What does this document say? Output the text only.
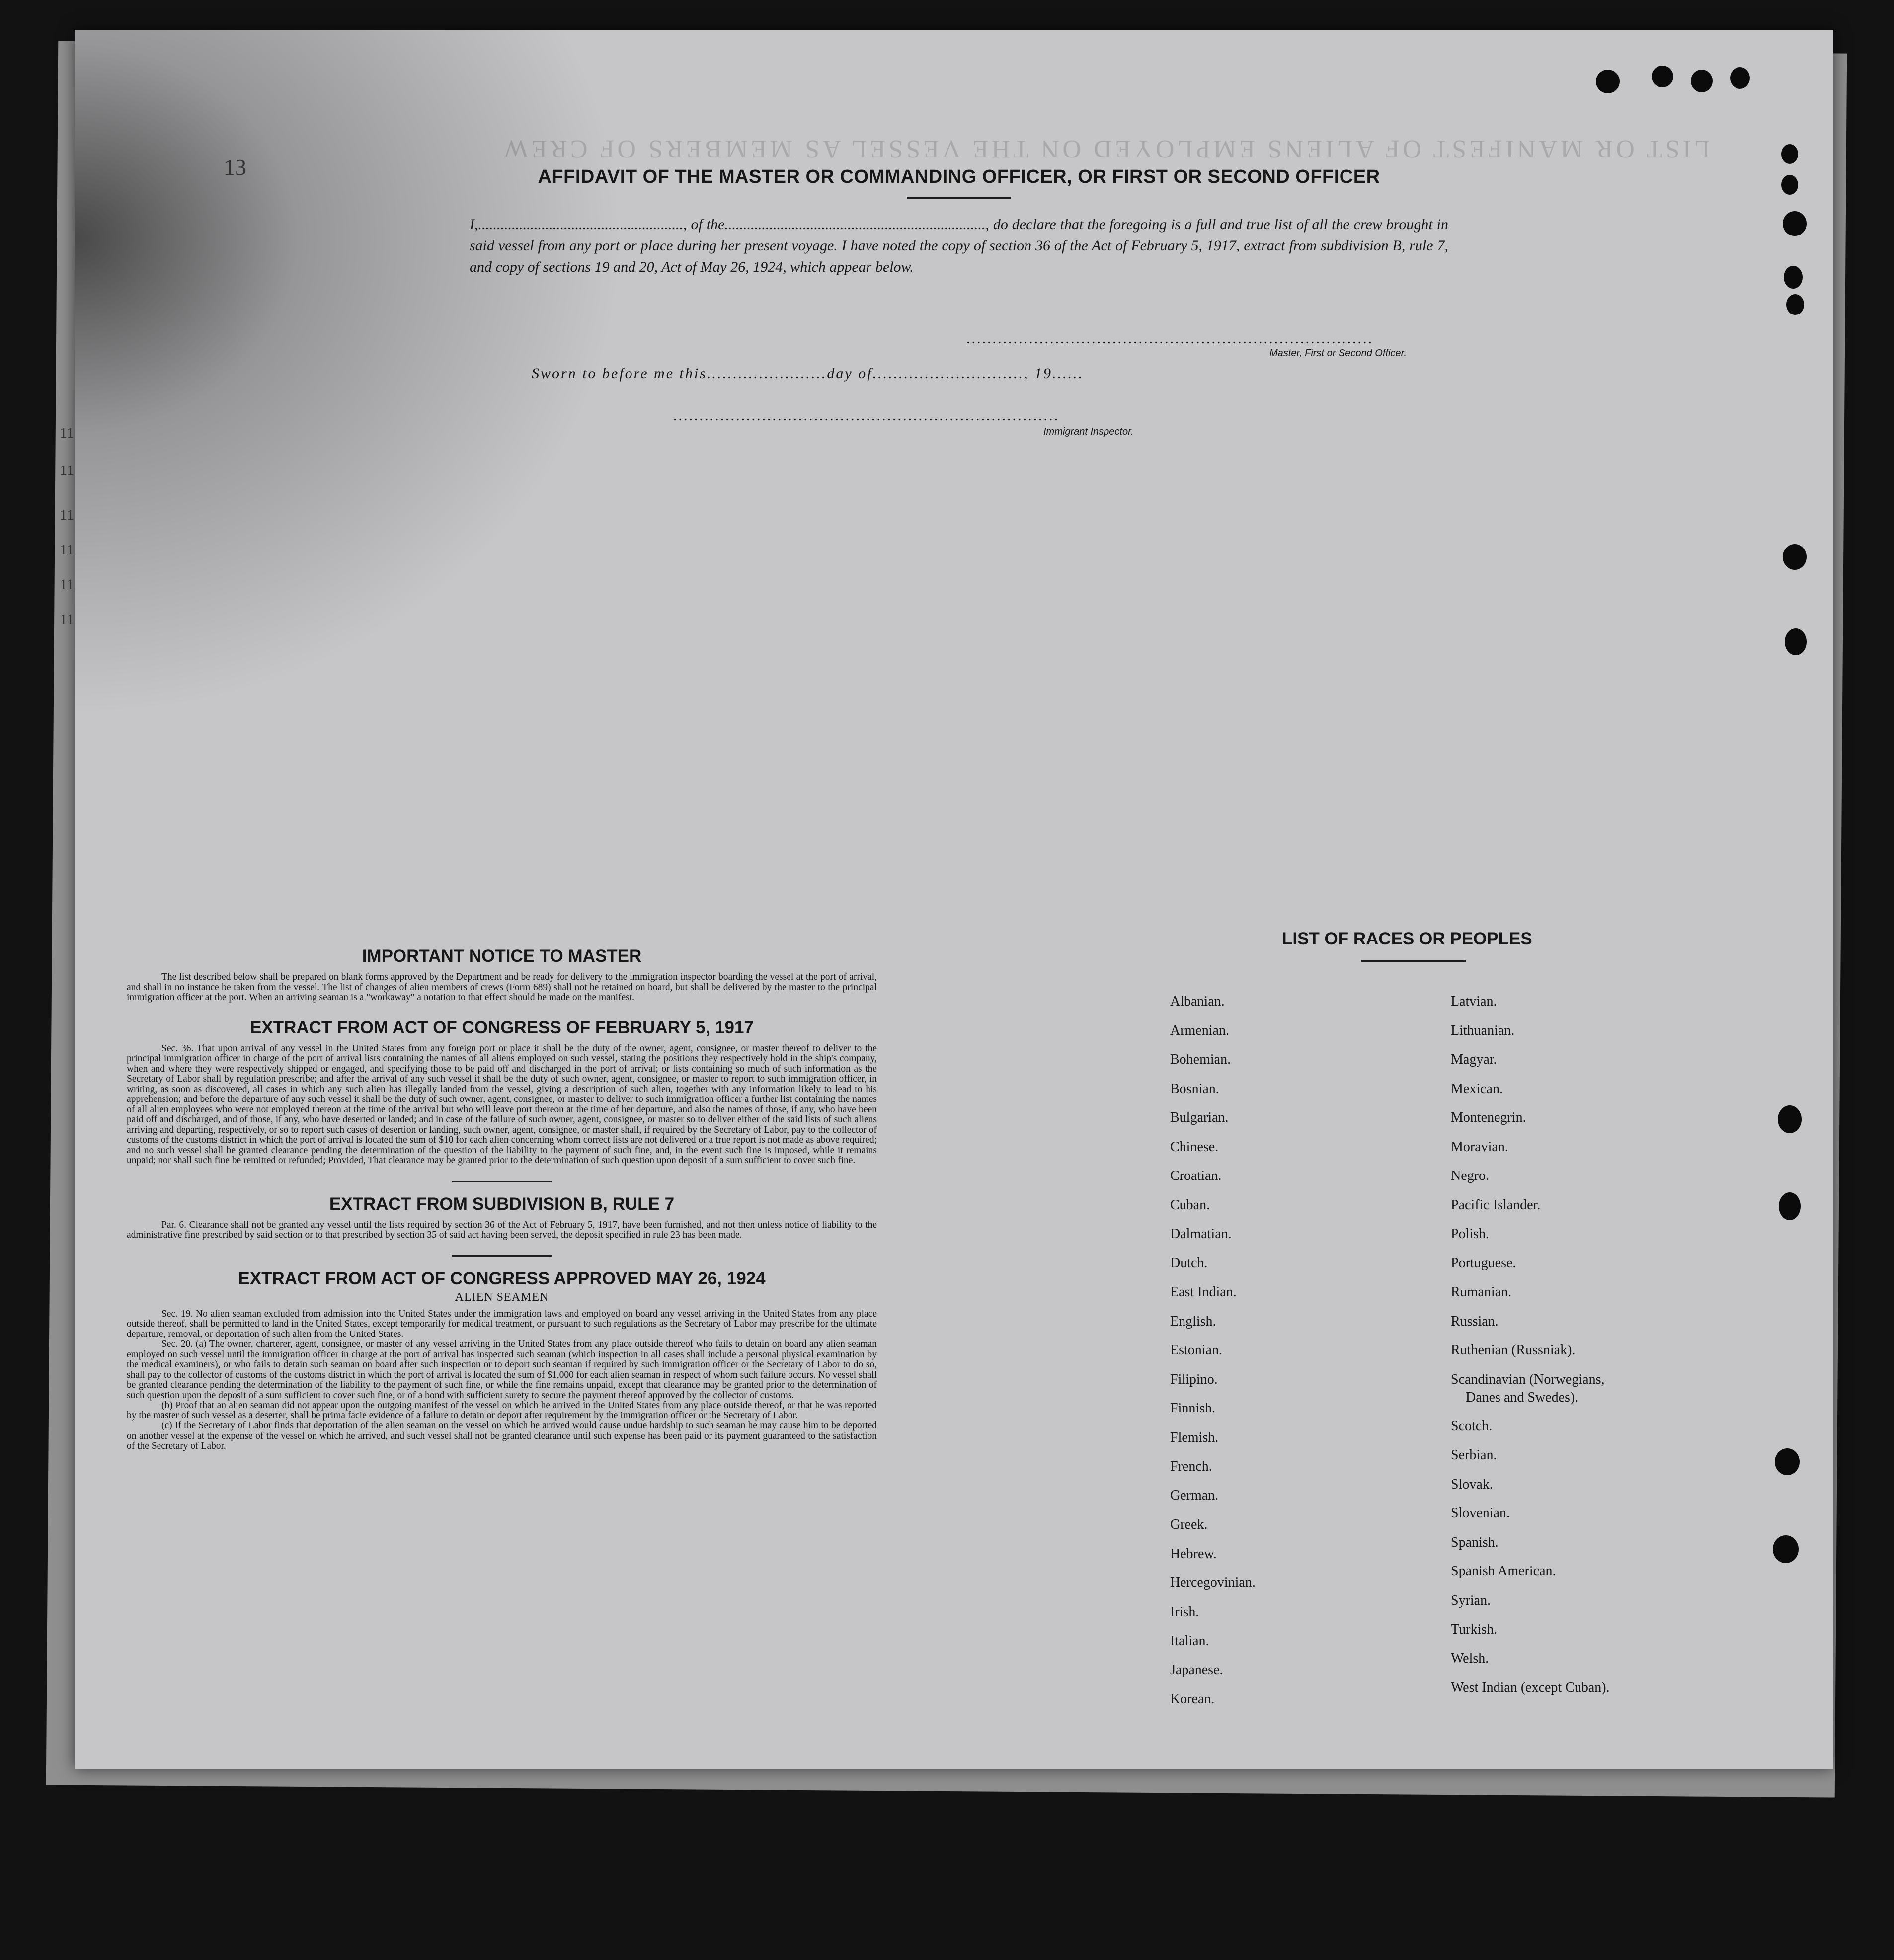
LIST OR MANIFEST OF ALIENS EMPLOYED ON THE VESSEL AS MEMBERS OF CREW
13
11
11
11
11
11
11
AFFIDAVIT OF THE MASTER OR COMMANDING OFFICER, OR FIRST OR SECOND OFFICER
I,......................................................., of the......................................................................, do declare that the foregoing is a full and true list of all the crew brought in said vessel from any port or place during her present voyage. I have noted the copy of section 36 of the Act of February 5, 1917, extract from subdivision B, rule 7, and copy of sections 19 and 20, Act of May 26, 1924, which appear below.
..............................................................................
Master, First or Second Officer.
Sworn to before me this.......................day of............................., 19......
..........................................................................
Immigrant Inspector.
IMPORTANT NOTICE TO MASTER

The list described below shall be prepared on blank forms approved by the Department and be ready for delivery to the immigration inspector boarding the vessel at the port of arrival, and shall in no instance be taken from the vessel. The list of changes of alien members of crews (Form 689) shall not be retained on board, but shall be delivered by the master to the principal immigration officer at the port. When an arriving seaman is a "workaway" a notation to that effect should be made on the manifest.

EXTRACT FROM ACT OF CONGRESS OF FEBRUARY 5, 1917

Sec. 36. That upon arrival of any vessel in the United States from any foreign port or place it shall be the duty of the owner, agent, consignee, or master thereof to deliver to the principal immigration officer in charge of the port of arrival lists containing the names of all aliens employed on such vessel, stating the positions they respectively hold in the ship's company, when and where they were respectively shipped or engaged, and specifying those to be paid off and discharged in the port of arrival; or lists containing so much of such information as the Secretary of Labor shall by regulation prescribe; and after the arrival of any such vessel it shall be the duty of such owner, agent, consignee, or master to report to such immigration officer, in writing, as soon as discovered, all cases in which any such alien has illegally landed from the vessel, giving a description of such alien, together with any information likely to lead to his apprehension; and before the departure of any such vessel it shall be the duty of such owner, agent, consignee, or master to deliver to such immigration officer a further list containing the names of all alien employees who were not employed thereon at the time of the arrival but who will leave port thereon at the time of her departure, and also the names of those, if any, who have been paid off and discharged, and of those, if any, who have deserted or landed; and in case of the failure of such owner, agent, consignee, or master so to deliver either of the said lists of such aliens arriving and departing, respectively, or so to report such cases of desertion or landing, such owner, agent, consignee, or master shall, if required by the Secretary of Labor, pay to the collector of customs of the customs district in which the port of arrival is located the sum of $10 for each alien concerning whom correct lists are not delivered or a true report is not made as above required; and no such vessel shall be granted clearance pending the determination of the question of the liability to the payment of such fine, and, in the event such fine is imposed, while it remains unpaid; nor shall such fine be remitted or refunded; Provided, That clearance may be granted prior to the determination of such question upon deposit of a sum sufficient to cover such fine.

EXTRACT FROM SUBDIVISION B, RULE 7

Par. 6. Clearance shall not be granted any vessel until the lists required by section 36 of the Act of February 5, 1917, have been furnished, and not then unless notice of liability to the administrative fine prescribed by said section or to that prescribed by section 35 of said act having been served, the deposit specified in rule 23 has been made.

EXTRACT FROM ACT OF CONGRESS APPROVED MAY 26, 1924
ALIEN SEAMEN

Sec. 19. No alien seaman excluded from admission into the United States under the immigration laws and employed on board any vessel arriving in the United States from any place outside thereof, shall be permitted to land in the United States, except temporarily for medical treatment, or pursuant to such regulations as the Secretary of Labor may prescribe for the ultimate departure, removal, or deportation of such alien from the United States.

Sec. 20. (a) The owner, charterer, agent, consignee, or master of any vessel arriving in the United States from any place outside thereof who fails to detain on board any alien seaman employed on such vessel until the immigration officer in charge at the port of arrival has inspected such seaman (which inspection in all cases shall include a personal physical examination by the medical examiners), or who fails to detain such seaman on board after such inspection or to deport such seaman if required by such immigration officer or the Secretary of Labor to do so, shall pay to the collector of customs of the customs district in which the port of arrival is located the sum of $1,000 for each alien seaman in respect of whom such failure occurs. No vessel shall be granted clearance pending the determination of the liability to the payment of such fine, or while the fine remains unpaid, except that clearance may be granted prior to the determination of such question upon the deposit of a sum sufficient to cover such fine, or of a bond with sufficient surety to secure the payment thereof approved by the collector of customs.

(b) Proof that an alien seaman did not appear upon the outgoing manifest of the vessel on which he arrived in the United States from any place outside thereof, or that he was reported by the master of such vessel as a deserter, shall be prima facie evidence of a failure to detain or deport after requirement by the immigration officer or the Secretary of Labor.

(c) If the Secretary of Labor finds that deportation of the alien seaman on the vessel on which he arrived would cause undue hardship to such seaman he may cause him to be deported on another vessel at the expense of the vessel on which he arrived, and such vessel shall not be granted clearance until such expense has been paid or its payment guaranteed to the satisfaction of the Secretary of Labor.

LIST OF RACES OR PEOPLES
Albanian.
Armenian.
Bohemian.
Bosnian.
Bulgarian.
Chinese.
Croatian.
Cuban.
Dalmatian.
Dutch.
East Indian.
English.
Estonian.
Filipino.
Finnish.
Flemish.
French.
German.
Greek.
Hebrew.
Hercegovinian.
Irish.
Italian.
Japanese.
Korean.
Latvian.
Lithuanian.
Magyar.
Mexican.
Montenegrin.
Moravian.
Negro.
Pacific Islander.
Polish.
Portuguese.
Rumanian.
Russian.
Ruthenian (Russniak).
Scandinavian (Norwegians,
Danes and Swedes).
Scotch.
Serbian.
Slovak.
Slovenian.
Spanish.
Spanish American.
Syrian.
Turkish.
Welsh.
West Indian (except Cuban).
